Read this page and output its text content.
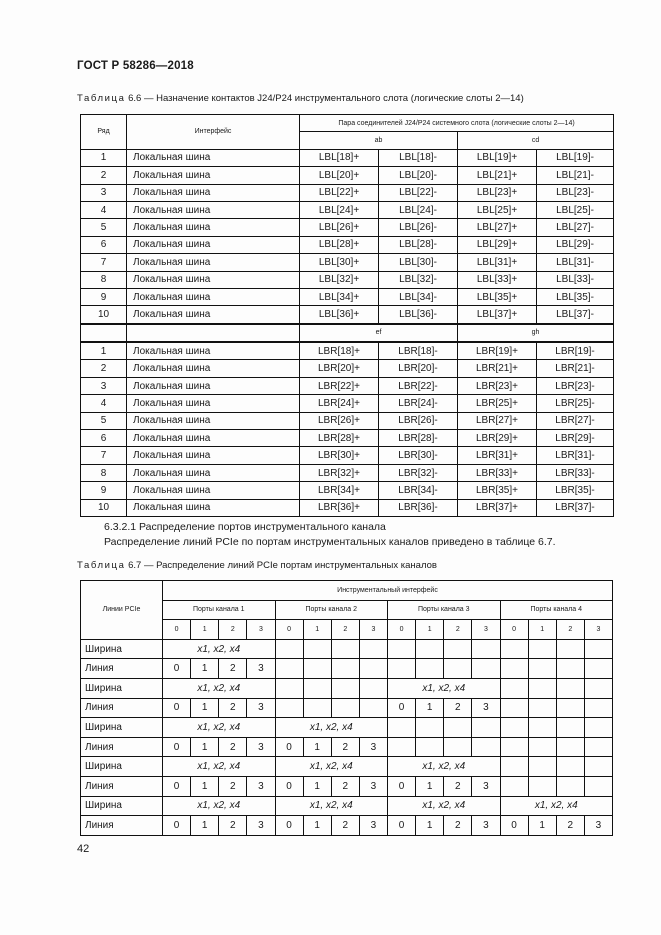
ГОСТ Р 58286—2018
Таблица 6.6 — Назначение контактов J24/P24 инструментального слота (логические слоты 2—14)
Ряд	Интерфейс	Пара соединителей J24/P24 системного слота (логические слоты 2—14)			
		ab		cd	
1	Локальная шина	LBL[18]+	LBL[18]-	LBL[19]+	LBL[19]-
2	Локальная шина	LBL[20]+	LBL[20]-	LBL[21]+	LBL[21]-
3	Локальная шина	LBL[22]+	LBL[22]-	LBL[23]+	LBL[23]-
4	Локальная шина	LBL[24]+	LBL[24]-	LBL[25]+	LBL[25]-
5	Локальная шина	LBL[26]+	LBL[26]-	LBL[27]+	LBL[27]-
6	Локальная шина	LBL[28]+	LBL[28]-	LBL[29]+	LBL[29]-
7	Локальная шина	LBL[30]+	LBL[30]-	LBL[31]+	LBL[31]-
8	Локальная шина	LBL[32]+	LBL[32]-	LBL[33]+	LBL[33]-
9	Локальная шина	LBL[34]+	LBL[34]-	LBL[35]+	LBL[35]-
10	Локальная шина	LBL[36]+	LBL[36]-	LBL[37]+	LBL[37]-
		ef		gh	
1	Локальная шина	LBR[18]+	LBR[18]-	LBR[19]+	LBR[19]-
2	Локальная шина	LBR[20]+	LBR[20]-	LBR[21]+	LBR[21]-
3	Локальная шина	LBR[22]+	LBR[22]-	LBR[23]+	LBR[23]-
4	Локальная шина	LBR[24]+	LBR[24]-	LBR[25]+	LBR[25]-
5	Локальная шина	LBR[26]+	LBR[26]-	LBR[27]+	LBR[27]-
6	Локальная шина	LBR[28]+	LBR[28]-	LBR[29]+	LBR[29]-
7	Локальная шина	LBR[30]+	LBR[30]-	LBR[31]+	LBR[31]-
8	Локальная шина	LBR[32]+	LBR[32]-	LBR[33]+	LBR[33]-
9	Локальная шина	LBR[34]+	LBR[34]-	LBR[35]+	LBR[35]-
10	Локальная шина	LBR[36]+	LBR[36]-	LBR[37]+	LBR[37]-
6.3.2.1 Распределение портов инструментального канала
Распределение линий PCIe по портам инструментальных каналов приведено в таблице 6.7.
Таблица 6.7 — Распределение линий PCIe портам инструментальных каналов
Линии PCIe	Инструментальный интерфейс															
	Порты канала 1				Порты канала 2				Порты канала 3				Порты канала 4			
	0	1	2	3	0	1	2	3	0	1	2	3	0	1	2	3
Ширина	x1, x2, x4															
Линия	0	1	2	3												
Ширина	x1, x2, x4								x1, x2, x4							
Линия	0	1	2	3					0	1	2	3				
Ширина	x1, x2, x4				x1, x2, x4											
Линия	0	1	2	3	0	1	2	3								
Ширина	x1, x2, x4				x1, x2, x4				x1, x2, x4							
Линия	0	1	2	3	0	1	2	3	0	1	2	3				
Ширина	x1, x2, x4				x1, x2, x4				x1, x2, x4				x1, x2, x4			
Линия	0	1	2	3	0	1	2	3	0	1	2	3	0	1	2	3
42
